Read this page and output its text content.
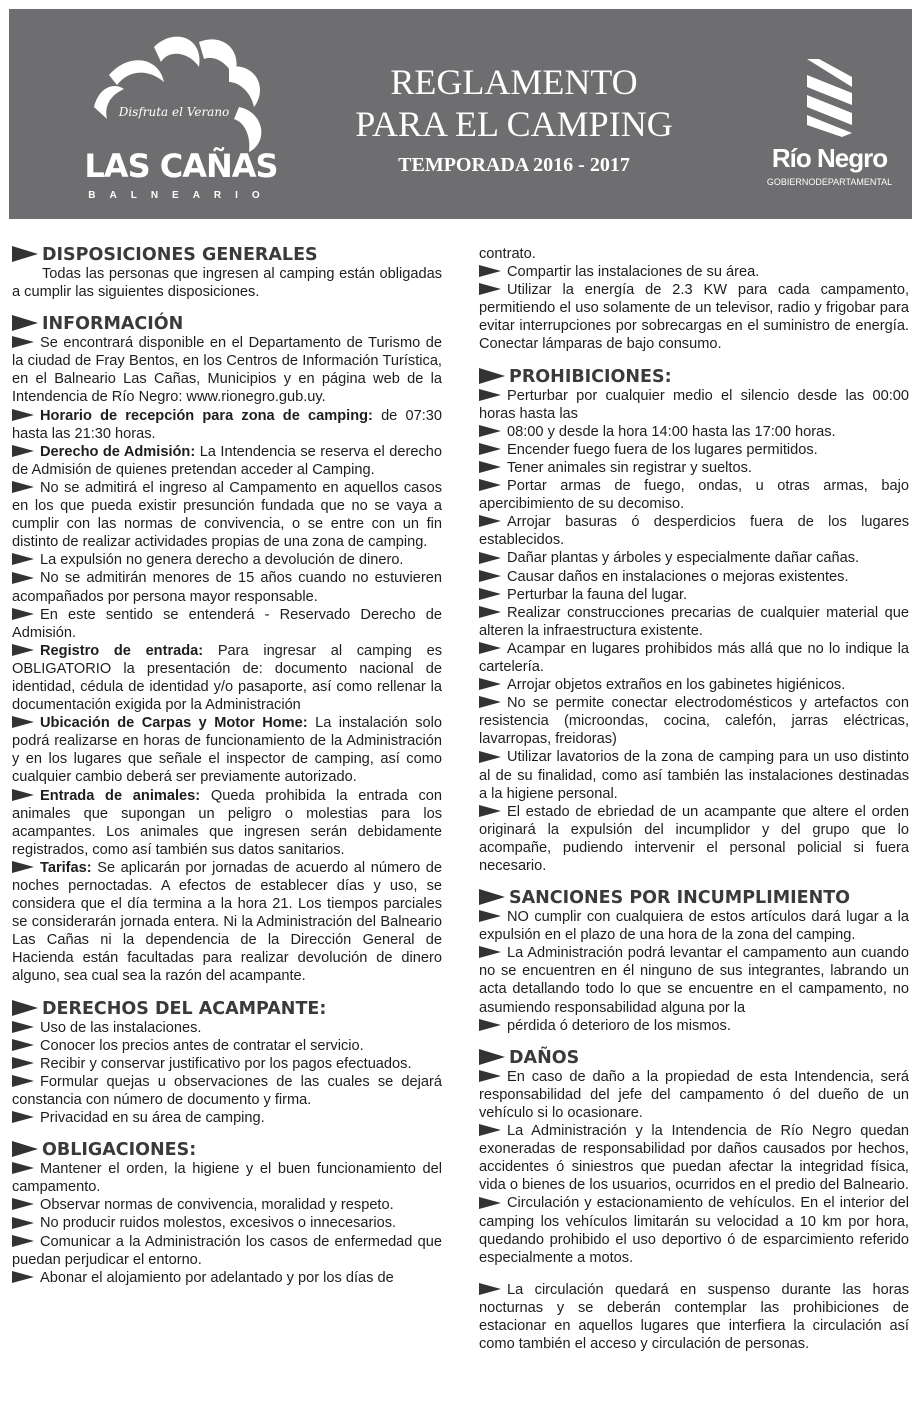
Disfruta el Verano
LAS CAÑAS
BALNEARIO
REGLAMENTO
PARA EL CAMPING
TEMPORADA 2016 - 2017	Río Negro
GOBIERNODEPARTAMENTAL
DISPOSICIONES GENERALES

Todas las personas que ingresen al camping están obligadas a cumplir las siguientes disposiciones.

INFORMACIÓN

Se encontrará disponible en el Departamento de Turismo de la ciudad de Fray Bentos, en los Centros de Información Turística, en el Balneario Las Cañas, Municipios y en página web de la Intendencia de Río Negro: www.rionegro.gub.uy.

Horario de recepción para zona de camping: de 07:30 hasta las 21:30 horas.

Derecho de Admisión: La Intendencia se reserva el derecho de Admisión de quienes pretendan acceder al Camping.

No se admitirá el ingreso al Campamento en aquellos casos en los que pueda existir presunción fundada que no se vaya a cumplir con las normas de convivencia, o se entre con un fin distinto de realizar actividades propias de una zona de camping.

La expulsión no genera derecho a devolución de dinero.

No se admitirán menores de 15 años cuando no estuvieren acompañados por persona mayor responsable.

En este sentido se entenderá - Reservado Derecho de Admisión.

Registro de entrada: Para ingresar al camping es OBLIGATORIO la presentación de: documento nacional de identidad, cédula de identidad y/o pasaporte, así como rellenar la documentación exigida por la Administración

Ubicación de Carpas y Motor Home: La instalación solo podrá realizarse en horas de funcionamiento de la Administración y en los lugares que señale el inspector de camping, así como cualquier cambio deberá ser previamente autorizado.

Entrada de animales: Queda prohibida la entrada con animales que supongan un peligro o molestias para los acampantes. Los animales que ingresen serán debidamente registrados, como así también sus datos sanitarios.

Tarifas: Se aplicarán por jornadas de acuerdo al número de noches pernoctadas. A efectos de establecer días y uso, se considera que el día termina a la hora 21. Los tiempos parciales se considerarán jornada entera. Ni la Administración del Balneario Las Cañas ni la dependencia de la Dirección General de Hacienda están facultadas para realizar devolución de dinero alguno, sea cual sea la razón del acampante.

DERECHOS DEL ACAMPANTE:

Uso de las instalaciones.

Conocer los precios antes de contratar el servicio.

Recibir y conservar justificativo por los pagos efectuados.

Formular quejas u observaciones de las cuales se dejará constancia con número de documento y firma.

Privacidad en su área de camping.

OBLIGACIONES:

Mantener el orden, la higiene y el buen funcionamiento del campamento.

Observar normas de convivencia, moralidad y respeto.

No producir ruidos molestos, excesivos o innecesarios.

Comunicar a la Administración los casos de enfermedad que puedan perjudicar el entorno.

Abonar el alojamiento por adelantado y por los días de

contrato.

Compartir las instalaciones de su área.

Utilizar la energía de 2.3 KW para cada campamento, permitiendo el uso solamente de un televisor, radio y frigobar para evitar interrupciones por sobrecargas en el suministro de energía. Conectar lámparas de bajo consumo.

PROHIBICIONES:

Perturbar por cualquier medio el silencio desde las 00:00 horas hasta las

08:00 y desde la hora 14:00 hasta las 17:00 horas.

Encender fuego fuera de los lugares permitidos.

Tener animales sin registrar y sueltos.

Portar armas de fuego, ondas, u otras armas, bajo apercibimiento de su decomiso.

Arrojar basuras ó desperdicios fuera de los lugares establecidos.

Dañar plantas y árboles y especialmente dañar cañas.

Causar daños en instalaciones o mejoras existentes.

Perturbar la fauna del lugar.

Realizar construcciones precarias de cualquier material que alteren la infraestructura existente.

Acampar en lugares prohibidos más allá que no lo indique la cartelería.

Arrojar objetos extraños en los gabinetes higiénicos.

No se permite conectar electrodomésticos y artefactos con resistencia (microondas, cocina, calefón, jarras eléctricas, lavarropas, freidoras)

Utilizar lavatorios de la zona de camping para un uso distinto al de su finalidad, como así también las instalaciones destinadas a la higiene personal.

El estado de ebriedad de un acampante que altere el orden originará la expulsión del incumplidor y del grupo que lo acompañe, pudiendo intervenir el personal policial si fuera necesario.

SANCIONES POR INCUMPLIMIENTO

NO cumplir con cualquiera de estos artículos dará lugar a la expulsión en el plazo de una hora de la zona del camping.

La Administración podrá levantar el campamento aun cuando no se encuentren en él ninguno de sus integrantes, labrando un acta detallando todo lo que se encuentre en el campamento, no asumiendo responsabilidad alguna por la

pérdida ó deterioro de los mismos.

DAÑOS

En caso de daño a la propiedad de esta Intendencia, será responsabilidad del jefe del campamento ó del dueño de un vehículo si lo ocasionare.

La Administración y la Intendencia de Río Negro quedan exoneradas de responsabilidad por daños causados por hechos, accidentes ó siniestros que puedan afectar la integridad física, vida o bienes de los usuarios, ocurridos en el predio del Balneario.

Circulación y estacionamiento de vehículos. En el interior del camping los vehículos limitarán su velocidad a 10 km por hora, quedando prohibido el uso deportivo ó de esparcimiento referido especialmente a motos.

La circulación quedará en suspenso durante las horas nocturnas y se deberán contemplar las prohibiciones de estacionar en aquellos lugares que interfiera la circulación así como también el acceso y circulación de personas.
